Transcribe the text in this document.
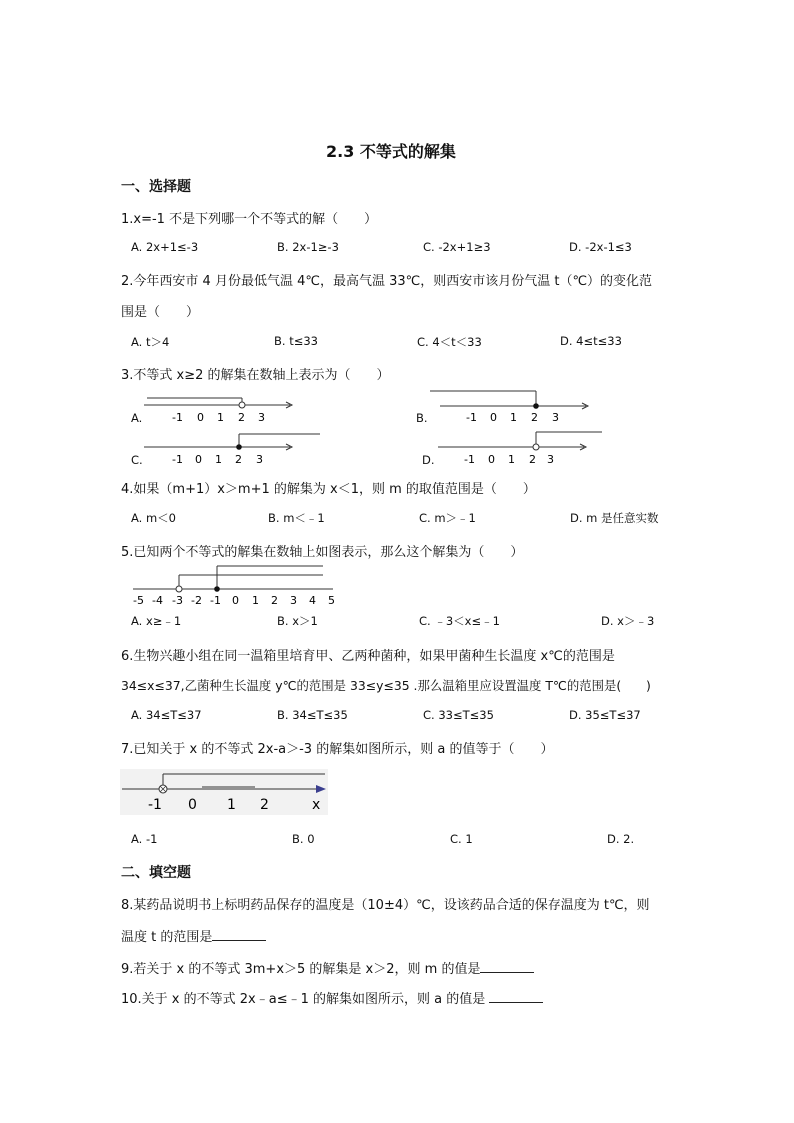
2.3 不等式的解集
一、选择题
1.x=-1 不是下列哪一个不等式的解（　　）
A. 2x+1≤-3	B. 2x-1≥-3	C. -2x+1≥3	D. -2x-1≤3
2.今年西安市 4 月份最低气温 4℃，最高气温 33℃，则西安市该月份气温 t（℃）的变化范
围是（　　）
A. t＞4	B. t≤33	C. 4＜t＜33	D. 4≤t≤33
3.不等式 x≥2 的解集在数轴上表示为（　　）
A.	-1 0 1 2 3	B.	-1 0 1 2 3
C.	-1 0 1 2 3	D.	-1 0 1 2 3
4.如果（m+1）x＞m+1 的解集为 x＜1，则 m 的取值范围是（　　）
A. m＜0	B. m＜﹣1	C. m＞﹣1	D. m 是任意实数
5.已知两个不等式的解集在数轴上如图表示，那么这个解集为（　　）
-5 -4 -3 -2 -1 0 1 2 3 4 5
A. x≥﹣1	B. x＞1	C. ﹣3＜x≤﹣1	D. x＞﹣3
6.生物兴趣小组在同一温箱里培育甲、乙两种菌种，如果甲菌种生长温度 x℃的范围是
34≤x≤37,乙菌种生长温度 y℃的范围是 33≤y≤35 .那么温箱里应设置温度 T℃的范围是(　　)
A. 34≤T≤37	B. 34≤T≤35	C. 33≤T≤35	D. 35≤T≤37
7.已知关于 x 的不等式 2x-a＞-3 的解集如图所示，则 a 的值等于（　　）
-1 0 1 2	x
A. -1	B. 0	C. 1	D. 2.
二、填空题
8.某药品说明书上标明药品保存的温度是（10±4）℃，设该药品合适的保存温度为 t℃，则
温度 t 的范围是
9.若关于 x 的不等式 3m+x＞5 的解集是 x＞2，则 m 的值是
10.关于 x 的不等式 2x﹣a≤﹣1 的解集如图所示，则 a 的值是
